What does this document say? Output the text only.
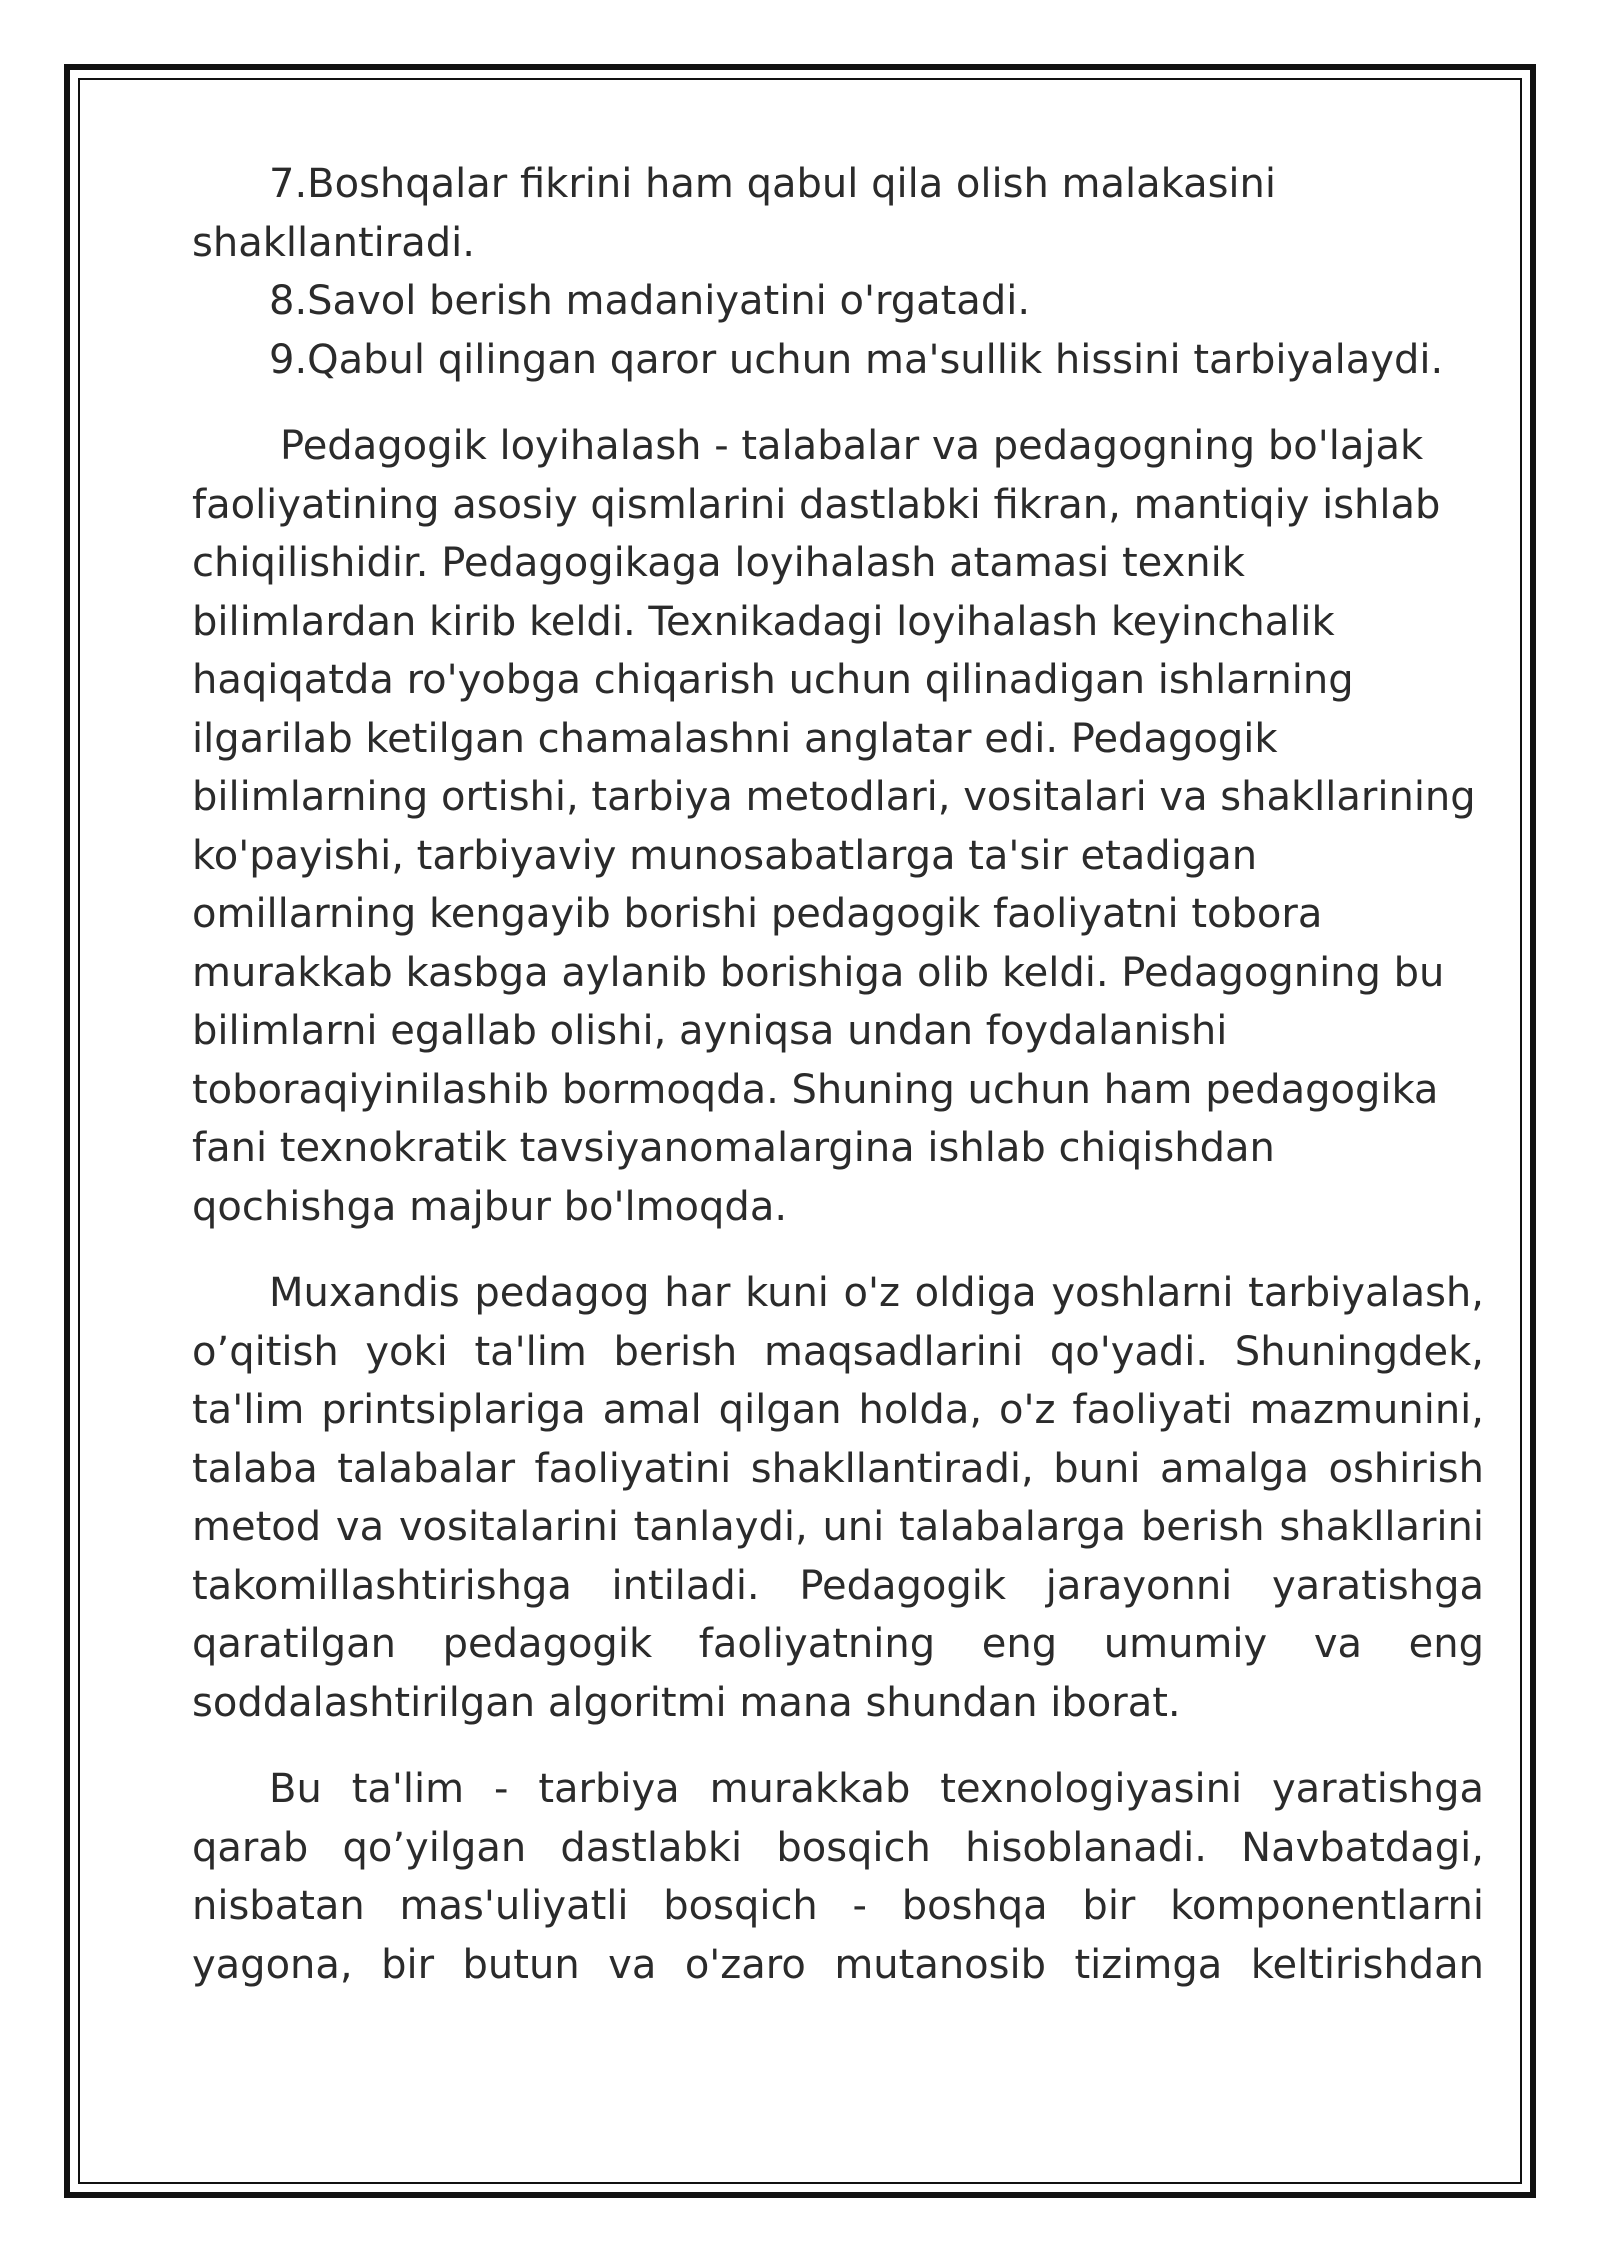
7.Boshqalar fikrini ham qabul qila olish malakasini

shakllantiradi.

8.Savol berish madaniyatini o'rgatadi.

9.Qabul qilingan qaror uchun ma'sullik hissini tarbiyalaydi.

Pedagogik loyihalash - talabalar va pedagogning bo'lajak
faoliyatining asosiy qismlarini dastlabki fikran, mantiqiy ishlab
chiqilishidir. Pedagogikaga loyihalash atamasi texnik
bilimlardan kirib keldi. Texnikadagi loyihalash keyinchalik
haqiqatda ro'yobga chiqarish uchun qilinadigan ishlarning
ilgarilab ketilgan chamalashni anglatar edi. Pedagogik
bilimlarning ortishi, tarbiya metodlari, vositalari va shakllarining
ko'payishi, tarbiyaviy munosabatlarga ta'sir etadigan
omillarning kengayib borishi pedagogik faoliyatni tobora
murakkab kasbga aylanib borishiga olib keldi. Pedagogning bu
bilimlarni egallab olishi, ayniqsa undan foydalanishi
toboraqiyinilashib bormoqda. Shuning uchun ham pedagogika
fani texnokratik tavsiyanomalargina ishlab chiqishdan
qochishga majbur bo'lmoqda.
Muxandis pedagog har kuni o'z oldiga yoshlarni tarbiyalash,
o’qitish yoki ta'lim berish maqsadlarini qo'yadi. Shuningdek,
ta'lim printsiplariga amal qilgan holda, o'z faoliyati mazmunini,
talaba talabalar faoliyatini shakllantiradi, buni amalga oshirish
metod va vositalarini tanlaydi, uni talabalarga berish shakllarini
takomillashtirishga intiladi. Pedagogik jarayonni yaratishga
qaratilgan pedagogik faoliyatning eng umumiy va eng
soddalashtirilgan algoritmi mana shundan iborat.
Bu ta'lim - tarbiya murakkab texnologiyasini yaratishga
qarab qo’yilgan dastlabki bosqich hisoblanadi. Navbatdagi,
nisbatan mas'uliyatli bosqich - boshqa bir komponentlarni
yagona, bir butun va o'zaro mutanosib tizimga keltirishdan
